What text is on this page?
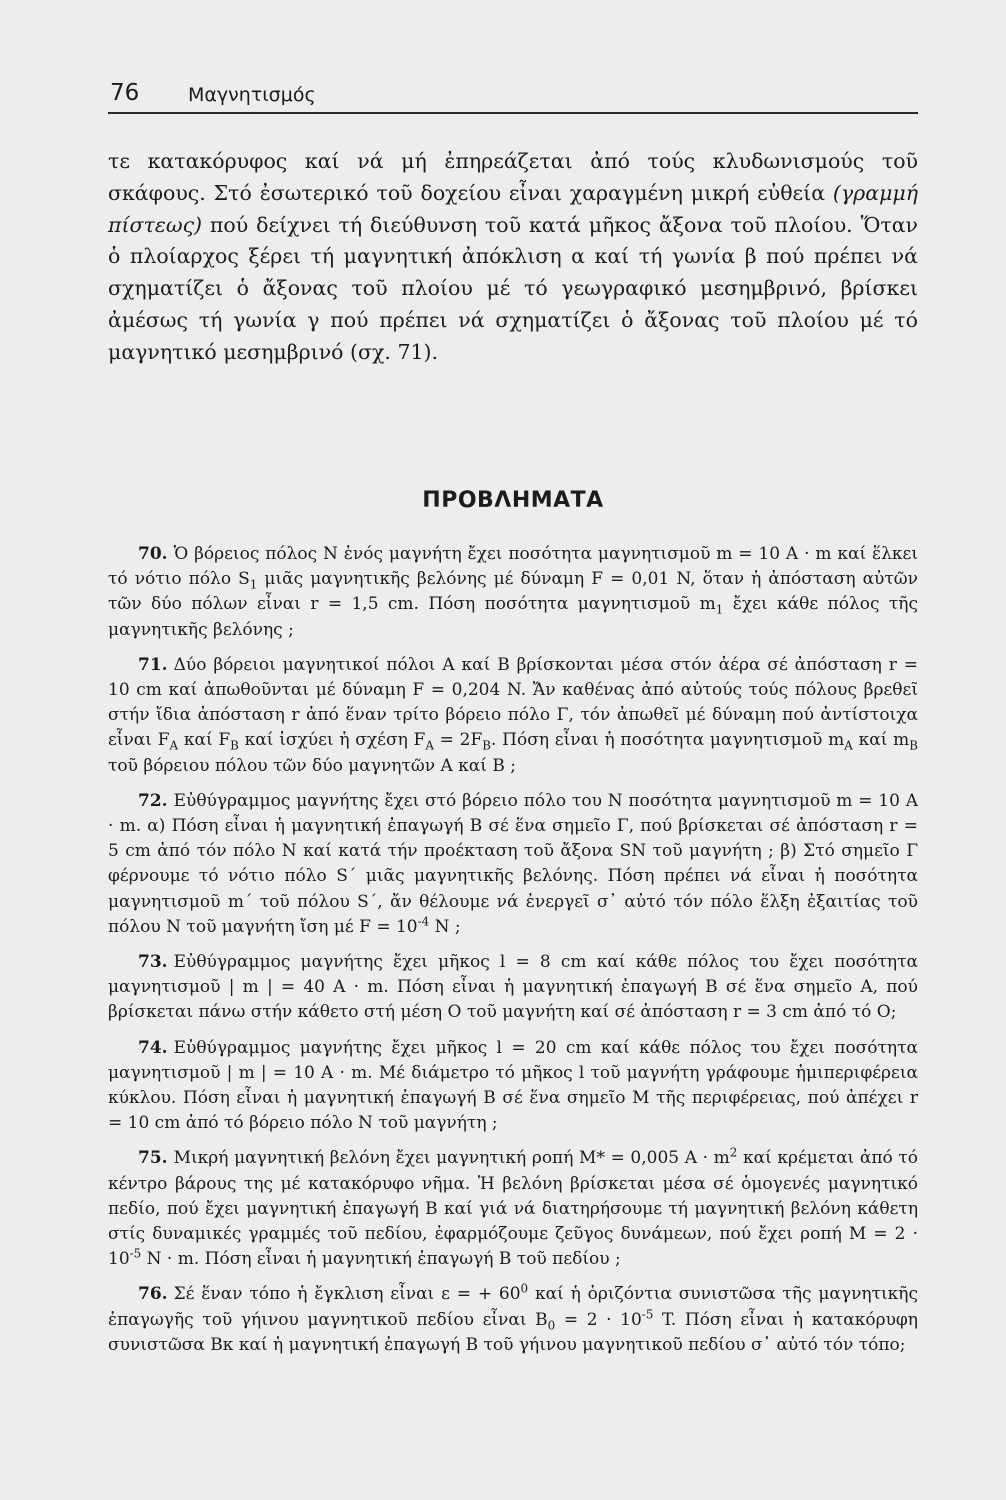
76	Μαγνητισμός

τε κατακόρυφος καί νά μή ἐπηρεάζεται ἀπό τούς κλυδωνισμούς τοῦ σκάφους. Στό ἐσωτερικό τοῦ δοχείου εἶναι χαραγμένη μικρή εὐθεία (γραμμή πίστεως) πού δείχνει τή διεύθυνση τοῦ κατά μῆκος ἄξονα τοῦ πλοίου. Ὅταν ὁ πλοίαρχος ξέρει τή μαγνητική ἀπόκλιση α καί τή γωνία β πού πρέπει νά σχηματίζει ὁ ἄξονας τοῦ πλοίου μέ τό γεωγραφικό μεσημβρινό, βρίσκει ἀμέσως τή γωνία γ πού πρέπει νά σχηματίζει ὁ ἄξονας τοῦ πλοίου μέ τό μαγνητικό μεσημβρινό (σχ. 71).

ΠΡΟΒΛΗΜΑΤΑ

70. Ὁ βόρειος πόλος N ἑνός μαγνήτη ἔχει ποσότητα μαγνητισμοῦ m = 10 A · m καί ἕλκει τό νότιο πόλο $S_1$ μιᾶς μαγνητικῆς βελόνης μέ δύναμη F = 0,01 N, ὅταν ἡ ἀπόσταση αὐτῶν τῶν δύο πόλων εἶναι r = 1,5 cm. Πόση ποσότητα μαγνητισμοῦ $m_1$ ἔχει κάθε πόλος τῆς μαγνητικῆς βελόνης ;

71. Δύο βόρειοι μαγνητικοί πόλοι A καί B βρίσκονται μέσα στόν ἀέρα σέ ἀπόσταση r = 10 cm καί ἀπωθοῦνται μέ δύναμη F = 0,204 N. Ἄν καθένας ἀπό αὐτούς τούς πόλους βρεθεῖ στήν ἴδια ἀπόσταση r ἀπό ἕναν τρίτο βόρειο πόλο Γ, τόν ἀπωθεῖ μέ δύναμη πού ἀντίστοιχα εἶναι $F_A$ καί $F_B$ καί ἰσχύει ἡ σχέση $F_A = 2F_B$. Πόση εἶναι ἡ ποσότητα μαγνητισμοῦ $m_A$ καί $m_B$ τοῦ βόρειου πόλου τῶν δύο μαγνητῶν A καί B ;

72. Εὐθύγραμμος μαγνήτης ἔχει στό βόρειο πόλο του N ποσότητα μαγνητισμοῦ m = 10 A · m. α) Πόση εἶναι ἡ μαγνητική ἐπαγωγή B σέ ἕνα σημεῖο Γ, πού βρίσκεται σέ ἀπόσταση r = 5 cm ἀπό τόν πόλο N καί κατά τήν προέκταση τοῦ ἄξονα SN τοῦ μαγνήτη ; β) Στό σημεῖο Γ φέρνουμε τό νότιο πόλο S΄ μιᾶς μαγνητικῆς βελόνης. Πόση πρέπει νά εἶναι ἡ ποσότητα μαγνητισμοῦ m΄ τοῦ πόλου S΄, ἄν θέλουμε νά ἐνεργεῖ σ᾿ αὐτό τόν πόλο ἕλξη ἐξαιτίας τοῦ πόλου N τοῦ μαγνήτη ἴση μέ $F = 10^{-4}$ N ;

73. Εὐθύγραμμος μαγνήτης ἔχει μῆκος l = 8 cm καί κάθε πόλος του ἔχει ποσότητα μαγνητισμοῦ | m | = 40 A · m. Πόση εἶναι ἡ μαγνητική ἐπαγωγή B σέ ἕνα σημεῖο A, πού βρίσκεται πάνω στήν κάθετο στή μέση O τοῦ μαγνήτη καί σέ ἀπόσταση r = 3 cm ἀπό τό O;

74. Εὐθύγραμμος μαγνήτης ἔχει μῆκος l = 20 cm καί κάθε πόλος του ἔχει ποσότητα μαγνητισμοῦ | m | = 10 A · m. Μέ διάμετρο τό μῆκος l τοῦ μαγνήτη γράφουμε ἡμιπεριφέρεια κύκλου. Πόση εἶναι ἡ μαγνητική ἐπαγωγή B σέ ἕνα σημεῖο M τῆς περιφέρειας, πού ἀπέχει r = 10 cm ἀπό τό βόρειο πόλο N τοῦ μαγνήτη ;

75. Μικρή μαγνητική βελόνη ἔχει μαγνητική ροπή M* = 0,005 $A \cdot m^2$ καί κρέμεται ἀπό τό κέντρο βάρους της μέ κατακόρυφο νῆμα. Ἡ βελόνη βρίσκεται μέσα σέ ὁμογενές μαγνητικό πεδίο, πού ἔχει μαγνητική ἐπαγωγή B καί γιά νά διατηρήσουμε τή μαγνητική βελόνη κάθετη στίς δυναμικές γραμμές τοῦ πεδίου, ἐφαρμόζουμε ζεῦγος δυνάμεων, πού ἔχει ροπή $M = 2 \cdot 10^{-5}$ N · m. Πόση εἶναι ἡ μαγνητική ἐπαγωγή B τοῦ πεδίου ;

76. Σέ ἕναν τόπο ἡ ἔγκλιση εἶναι ε = + $60^0$ καί ἡ ὁριζόντια συνιστῶσα τῆς μαγνητικῆς ἐπαγωγῆς τοῦ γήινου μαγνητικοῦ πεδίου εἶναι $B_0 = 2 \cdot 10^{-5}$ T. Πόση εἶναι ἡ κατακόρυφη συνιστῶσα Bκ καί ἡ μαγνητική ἐπαγωγή B τοῦ γήινου μαγνητικοῦ πεδίου σ᾿ αὐτό τόν τόπο;
